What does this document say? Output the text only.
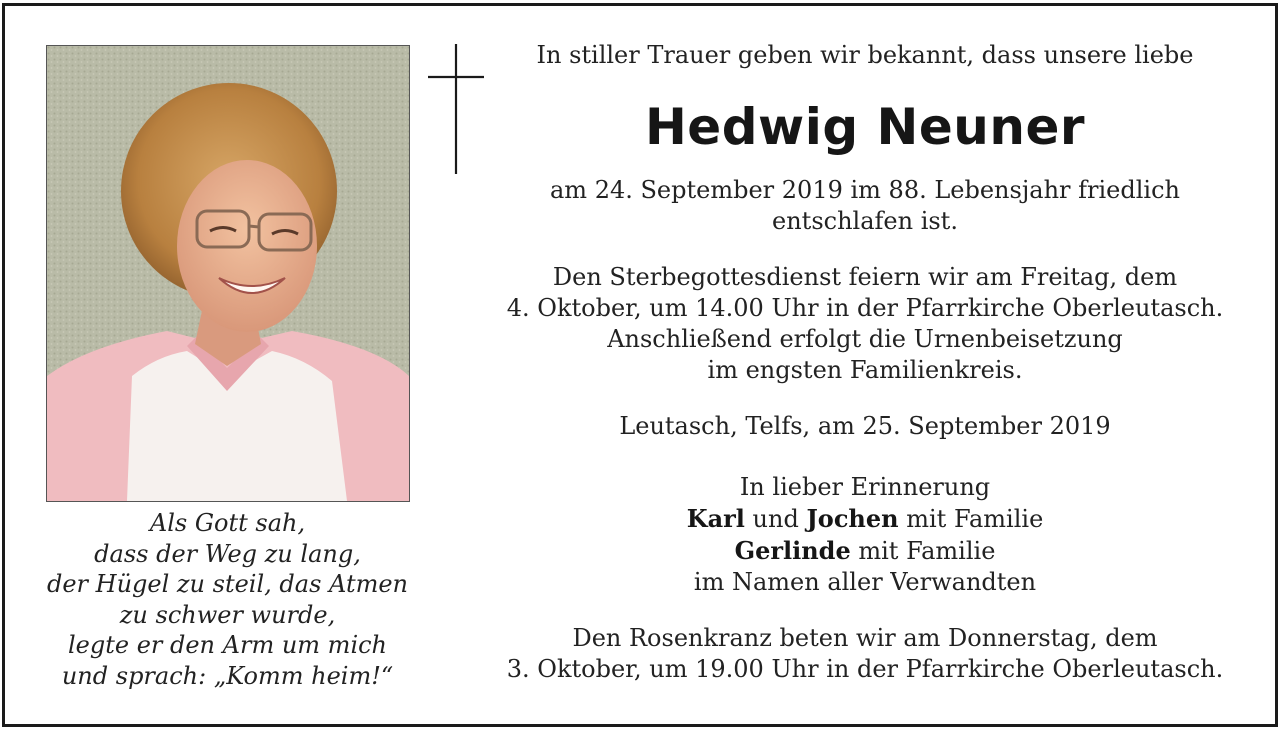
Als Gott sah,
dass der Weg zu lang,
der Hügel zu steil, das Atmen
zu schwer wurde,
legte er den Arm um mich
und sprach: „Komm heim!“

In stiller Trauer geben wir bekannt, dass unsere liebe

Hedwig Neuner

am 24. September 2019 im 88. Lebensjahr friedlich

entschlafen ist.

Den Sterbegottesdienst feiern wir am Freitag, dem

4. Oktober, um 14.00 Uhr in der Pfarrkirche Oberleutasch.

Anschließend erfolgt die Urnenbeisetzung

im engsten Familienkreis.

Leutasch, Telfs, am 25. September 2019

In lieber Erinnerung

Karl und Jochen mit Familie

Gerlinde mit Familie

im Namen aller Verwandten

Den Rosenkranz beten wir am Donnerstag, dem

3. Oktober, um 19.00 Uhr in der Pfarrkirche Oberleutasch.
